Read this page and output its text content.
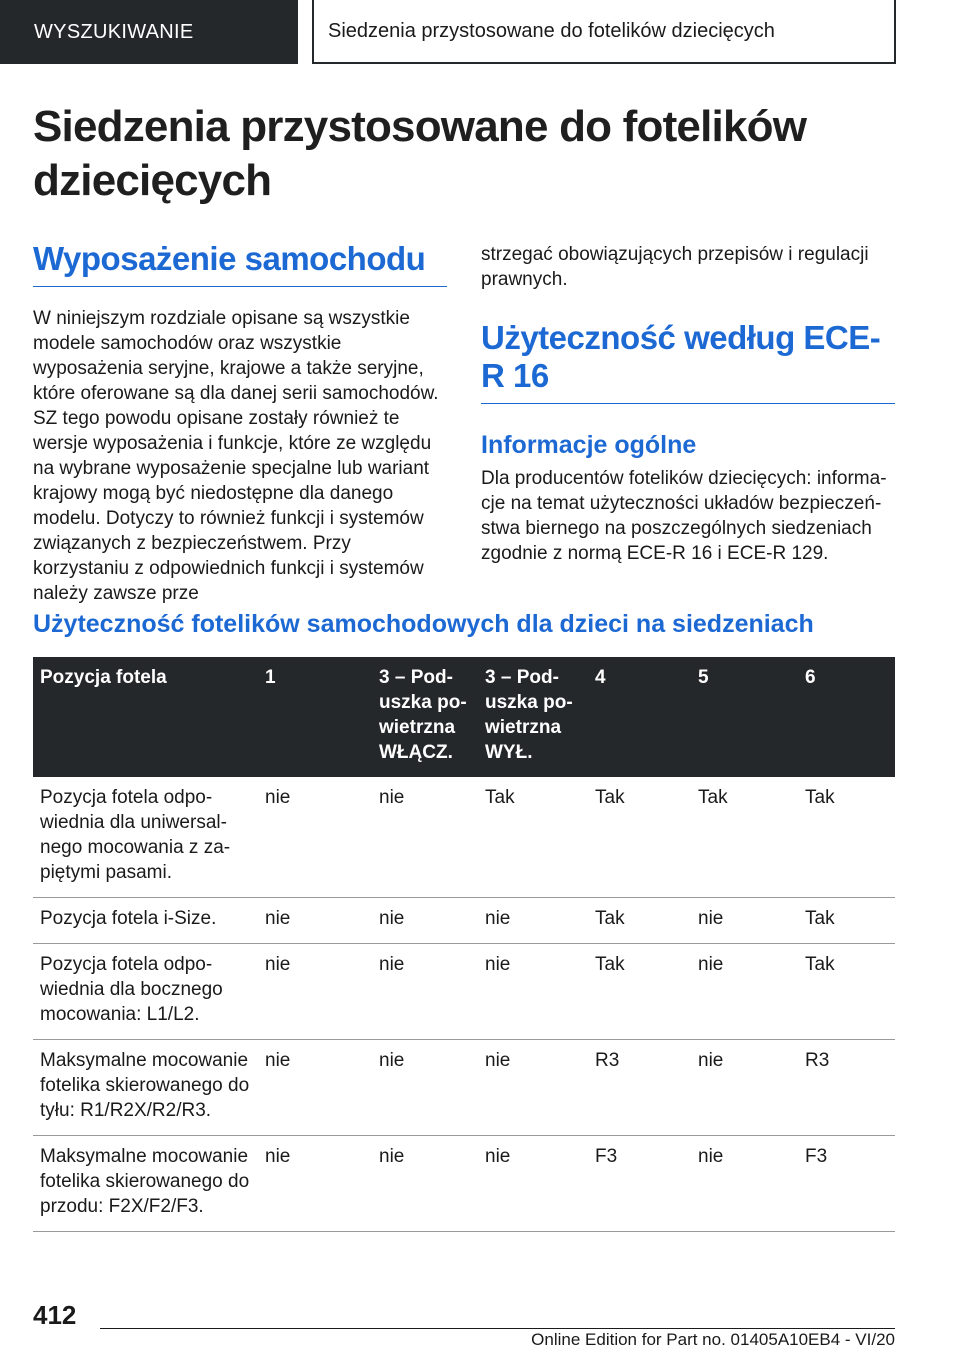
WYSZUKIWANIE	Siedzenia przystosowane do fotelików dziecięcych
Siedzenia przystosowane do fotelików dziecięcych
Wyposażenie samochodu

W niniejszym rozdziale opisane są wszystkie modele samochodów oraz wszystkie wyposażenia seryjne, krajowe a także seryjne, które oferowane są dla danej serii samochodów. SZ tego powodu opisane zostały również te wersje wyposażenia i funkcje, które ze względu na wybrane wyposażenie specjalne lub wariant krajowy mogą być niedostępne dla danego modelu. Dotyczy to również funkcji i systemów związanych z bezpieczeństwem. Przy korzystaniu z odpowiednich funkcji i systemów należy zawsze prze

strzegać obowiązujących przepisów i regulacji prawnych.

Użyteczność według ECE-R 16
Informacje ogólne

Dla producentów fotelików dziecięcych: informacje na temat użyteczności układów bezpieczeństwa biernego na poszczególnych siedzeniach zgodnie z normą ECE-R 16 i ECE-R 129.

Użyteczność fotelików samochodowych dla dzieci na siedzeniach
Pozycja fotela	1	3 – Poduszka powietrzna WŁĄCZ.	3 – Poduszka powietrzna WYŁ.	4	5	6
Pozycja fotela odpowiednia dla uniwersalnego mocowania z zapiętymi pasami.	nie	nie	Tak	Tak	Tak	Tak
Pozycja fotela i-Size.	nie	nie	nie	Tak	nie	Tak
Pozycja fotela odpowiednia dla bocznego mocowania: L1/L2.	nie	nie	nie	Tak	nie	Tak
Maksymalne mocowanie fotelika skierowanego do tyłu: R1/R2X/R2/R3.	nie	nie	nie	R3	nie	R3
Maksymalne mocowanie fotelika skierowanego do przodu: F2X/F2/F3.	nie	nie	nie	F3	nie	F3
412
Online Edition for Part no. 01405A10EB4 - VI/20
